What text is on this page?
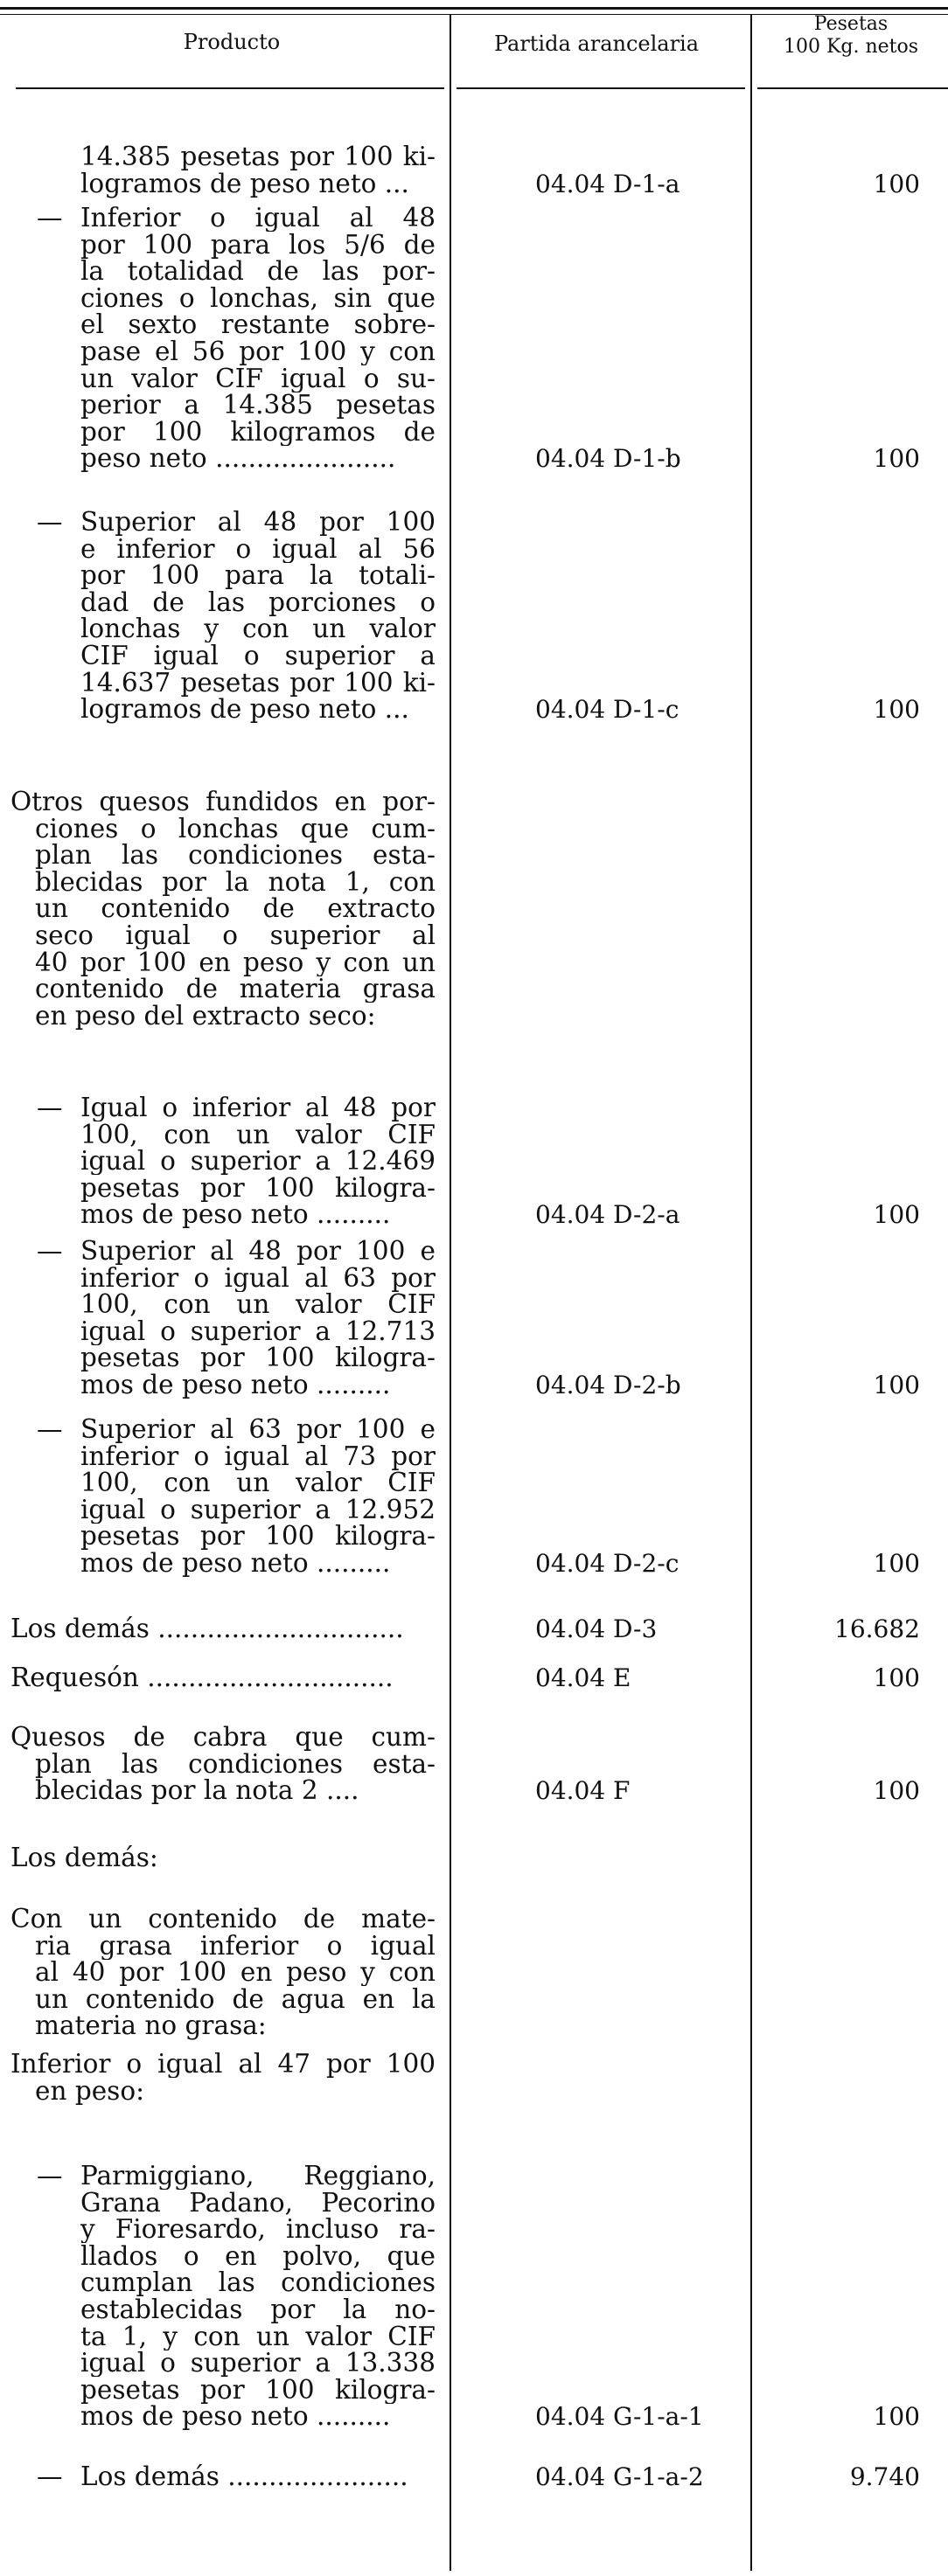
Producto	Partida arancelaria
Pesetas
100 Kg. netos
14.385 pesetas por 100 ki-
logramos de peso neto ...	04.04 D-1-a	100
— Inferior o igual al 48
por 100 para los 5/6 de
la totalidad de las por-
ciones o lonchas, sin que
el sexto restante sobre-
pase el 56 por 100 y con
un valor CIF igual o su-
perior a 14.385 pesetas
por 100 kilogramos de
peso neto ......................	04.04 D-1-b	100
— Superior al 48 por 100
e inferior o igual al 56
por 100 para la totali-
dad de las porciones o
lonchas y con un valor
CIF igual o superior a
14.637 pesetas por 100 ki-
logramos de peso neto ...	04.04 D-1-c	100
Otros quesos fundidos en por-
ciones o lonchas que cum-
plan las condiciones esta-
blecidas por la nota 1, con
un contenido de extracto
seco igual o superior al
40 por 100 en peso y con un
contenido de materia grasa
en peso del extracto seco:
— Igual o inferior al 48 por
100, con un valor CIF
igual o superior a 12.469
pesetas por 100 kilogra-
mos de peso neto .........	04.04 D-2-a	100
— Superior al 48 por 100 e
inferior o igual al 63 por
100, con un valor CIF
igual o superior a 12.713
pesetas por 100 kilogra-
mos de peso neto .........	04.04 D-2-b	100
— Superior al 63 por 100 e
inferior o igual al 73 por
100, con un valor CIF
igual o superior a 12.952
pesetas por 100 kilogra-
mos de peso neto .........	04.04 D-2-c	100
Los demás ..............................	04.04 D-3	16.682
Requesón ..............................	04.04 E	100
Quesos de cabra que cum-
plan las condiciones esta-
blecidas por la nota 2 ....	04.04 F	100
Los demás:
Con un contenido de mate-
ria grasa inferior o igual
al 40 por 100 en peso y con
un contenido de agua en la
materia no grasa:
Inferior o igual al 47 por 100
en peso:
— Parmiggiano, Reggiano,
Grana Padano, Pecorino
y Fioresardo, incluso ra-
llados o en polvo, que
cumplan las condiciones
establecidas por la no-
ta 1, y con un valor CIF
igual o superior a 13.338
pesetas por 100 kilogra-
mos de peso neto .........	04.04 G-1-a-1	100
— Los demás ......................	04.04 G-1-a-2	9.740
